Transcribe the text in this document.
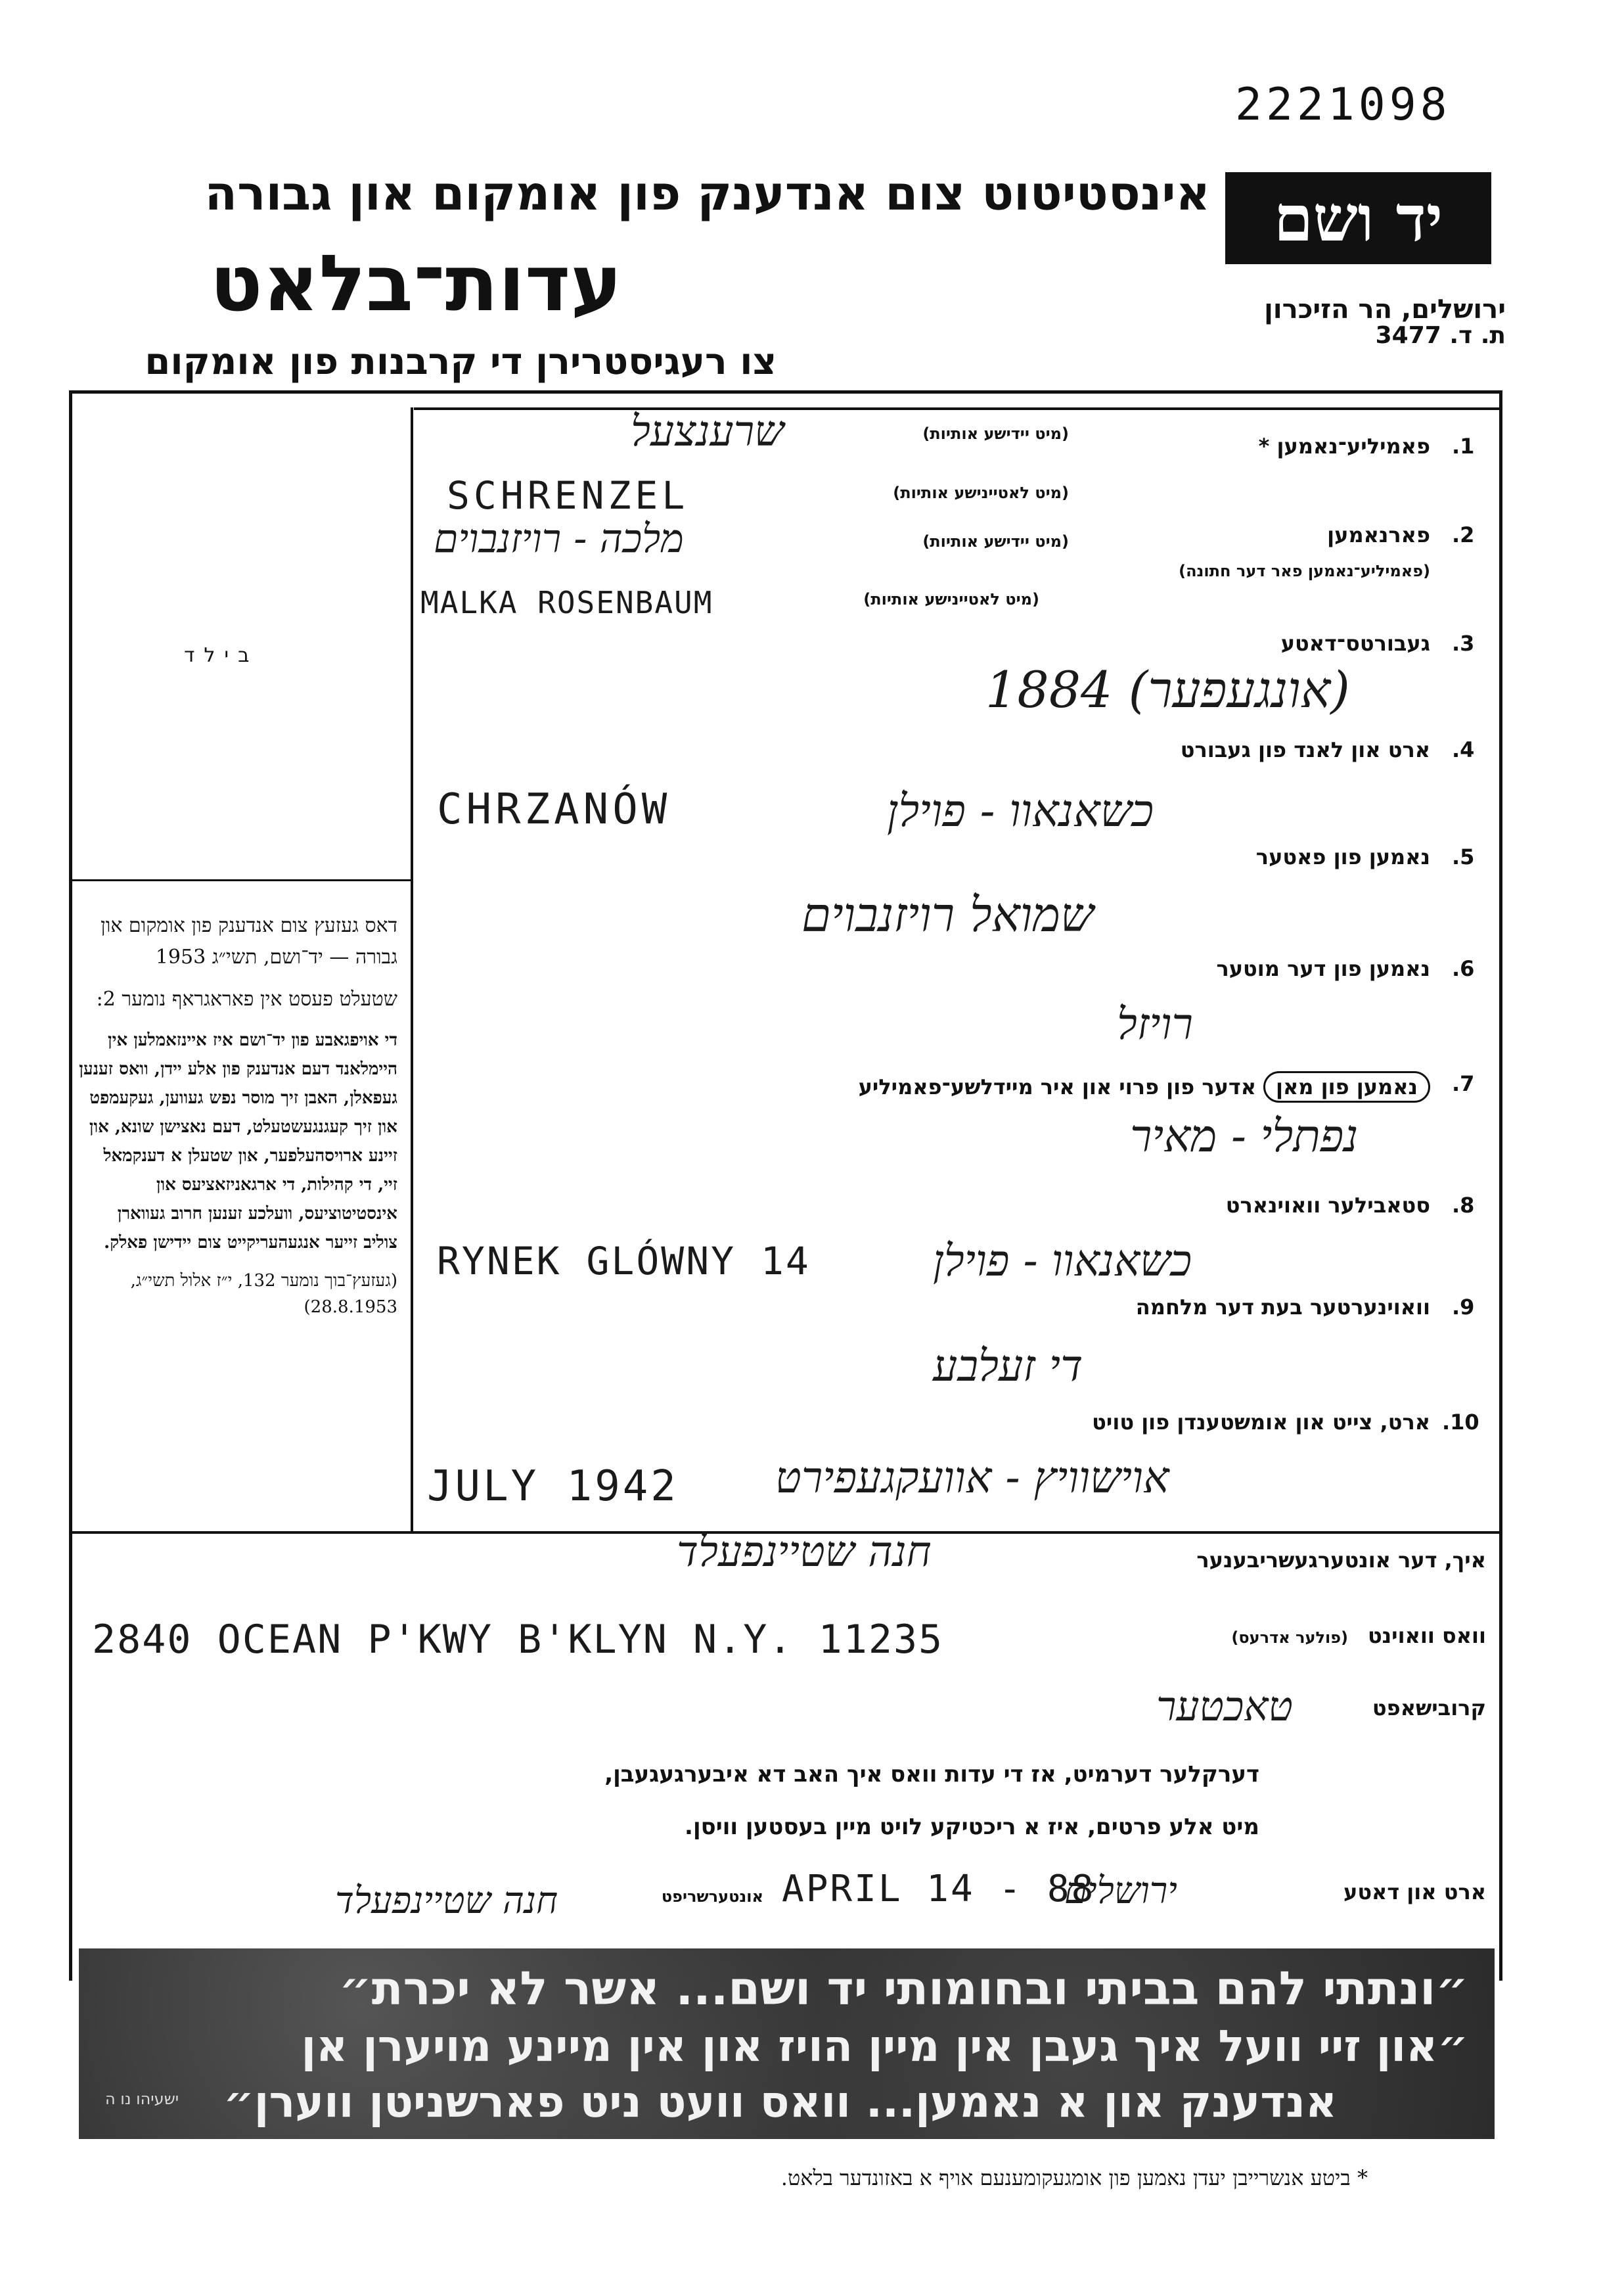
2221098
אינסטיטוט צום אנדענק פון אומקום און גבורה
עדות־בלאט
צו רעגיסטרירן די קרבנות פון אומקום
יד ושם
ירושלים, הר הזיכרון
ת. ד. 3477
בילד
דאס געזעץ צום אנדענק פון אומקום און גבורה — יד־ושם, תשי״ג 1953
שטעלט פעסט אין פאראגראף נומער 2:
די אויפגאבע פון יד־ושם איז איינזאמלען אין היימלאנד דעם אנדענק פון אלע יידן, וואס זענען געפאלן, האבן זיך מוסר נפש געווען, געקעמפט און זיך קעגנגעשטעלט, דעם נאצישן שונא, און זיינע ארויסהעלפער, און שטעלן א דענקמאל זיי, די קהילות, די ארגאניזאציעס און אינסטיטוציעס, וועלכע זענען חרוב געווארן צוליב זייער אנגעהעריקייט צום יידישן פאלק.
(געזעץ־בוך נומער 132, י״ז אלול תשי״ג, 28.8.1953)
.1
פאמיליע־נאמען *
(מיט יידישע אותיות)
שרענצעל
(מיט לאטיינישע אותיות)
SCHRENZEL
.2
פארנאמען
(פאמיליע־נאמען פאר דער חתונה)
(מיט יידישע אותיות)
מלכה - רויזנבוים
(מיט לאטיינישע אותיות)
MALKA ROSENBAUM
.3
געבורטס־דאטע
1884 (אונגעפער)
.4
ארט און לאנד פון געבורט
CHRZANÓW	כשאנאוו - פוילן
.5
נאמען פון פאטער
שמואל רויזנבוים
.6
נאמען פון דער מוטער
רויזל
.7
נאמען פון מאן
אדער פון פרוי און איר מיידלשע־פאמיליע
נפתלי - מאיר
.8
סטאבילער וואוינארט
RYNEK GLÓWNY 14	כשאנאוו - פוילן
.9
וואוינערטער בעת דער מלחמה
די זעלבע
.10
ארט, צייט און אומשטענדן פון טויט
JULY 1942 אוישוויץ - אוועקגעפירט
איך, דער אונטערגעשריבענער
חנה שטיינפעלד
וואס וואוינט
(פולער אדרעס)
2840 OCEAN P'KWY B'KLYN N.Y. 11235
קרובישאפט
טאכטער
דערקלער דערמיט, אז די עדות וואס איך האב דא איבערגעגעבן,
מיט אלע פרטים, איז א ריכטיקע לויט מיין בעסטען וויסן.
ארט און דאטע
ירושלים
APRIL 14 - 88
אונטערשריפט
חנה שטיינפעלד
״ונתתי להם בביתי ובחומותי יד ושם... אשר לא יכרת״
״און זיי וועל איך געבן אין מיין הויז און אין מיינע מויערן אן
אנדענק און א נאמען... וואס וועט ניט פארשניטן ווערן״
ישעיהו נו ה
* ביטע אנשרייבן יעדן נאמען פון אומגעקומענעם אויף א באזונדער בלאט.
